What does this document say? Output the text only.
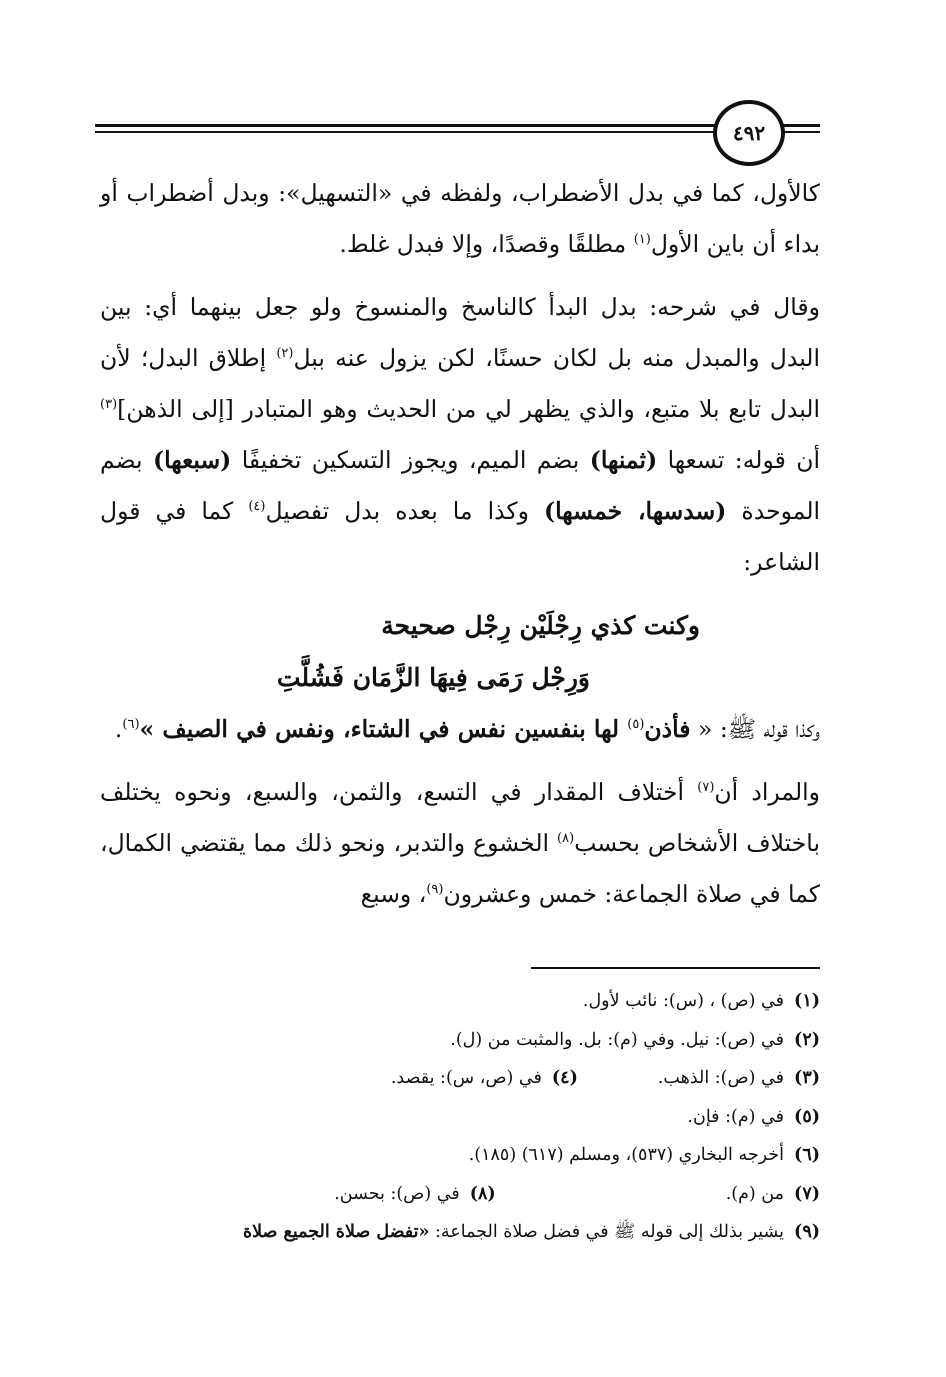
٤٩٢

كالأول، كما في بدل الأضطراب، ولفظه في «التسهيل»: وبدل أضطراب أو بداء أن باين الأول$^{(١)}$ مطلقًا وقصدًا، وإلا فبدل غلط.

وقال في شرحه: بدل البدأ كالناسخ والمنسوخ ولو جعل بينهما أي: بين البدل والمبدل منه بل لكان حسنًا، لكن يزول عنه ببل$^{(٢)}$ إطلاق البدل؛ لأن البدل تابع بلا متبع، والذي يظهر لي من الحديث وهو المتبادر [إلى الذهن]$^{(٣)}$ أن قوله: تسعها (ثمنها) بضم الميم، ويجوز التسكين تخفيفًا (سبعها) بضم الموحدة (سدسها، خمسها) وكذا ما بعده بدل تفصيل$^{(٤)}$ كما في قول الشاعر:

وكنت كذي رِجْلَيْن رِجْل صحيحة
وَرِجْل رَمَى فِيهَا الزَّمَان فَشُلَّتِ

وكذا قوله ﷺ: « فأذن$^{(٥)}$ لها بنفسين نفس في الشتاء، ونفس في الصيف »$^{(٦)}$.

والمراد أن$^{(٧)}$ أختلاف المقدار في التسع، والثمن، والسبع، ونحوه يختلف باختلاف الأشخاص بحسب$^{(٨)}$ الخشوع والتدبر، ونحو ذلك مما يقتضي الكمال، كما في صلاة الجماعة: خمس وعشرون$^{(٩)}$، وسبع

(١)في (ص) ، (س): نائب لأول.
(٢)في (ص): نيل. وفي (م): بل. والمثبت من (ل).
(٣)في (ص): الذهب.(٤)في (ص، س): يقصد.
(٥)في (م): فإن.
(٦)أخرجه البخاري (٥٣٧)، ومسلم (٦١٧) (١٨٥).
(٧)من (م).(٨)في (ص): بحسن.
(٩)يشير بذلك إلى قوله ﷺ في فضل صلاة الجماعة: «تفضل صلاة الجميع صلاة
